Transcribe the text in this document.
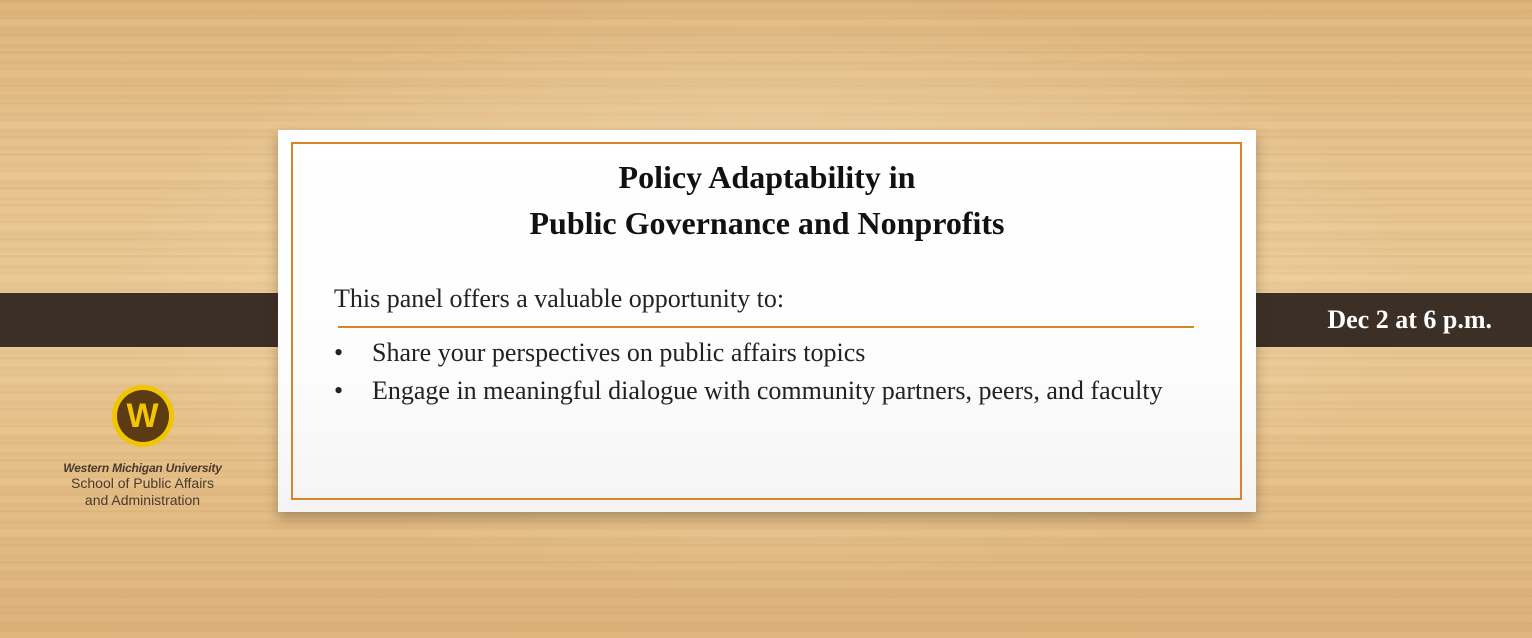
Dec 2 at 6 p.m.
Policy Adaptability in
Public Governance and Nonprofits
This panel offers a valuable opportunity to:
• Share your perspectives on public affairs topics
• Engage in meaningful dialogue with community partners, peers, and faculty
W
Western Michigan University
School of Public Affairs
and Administration
